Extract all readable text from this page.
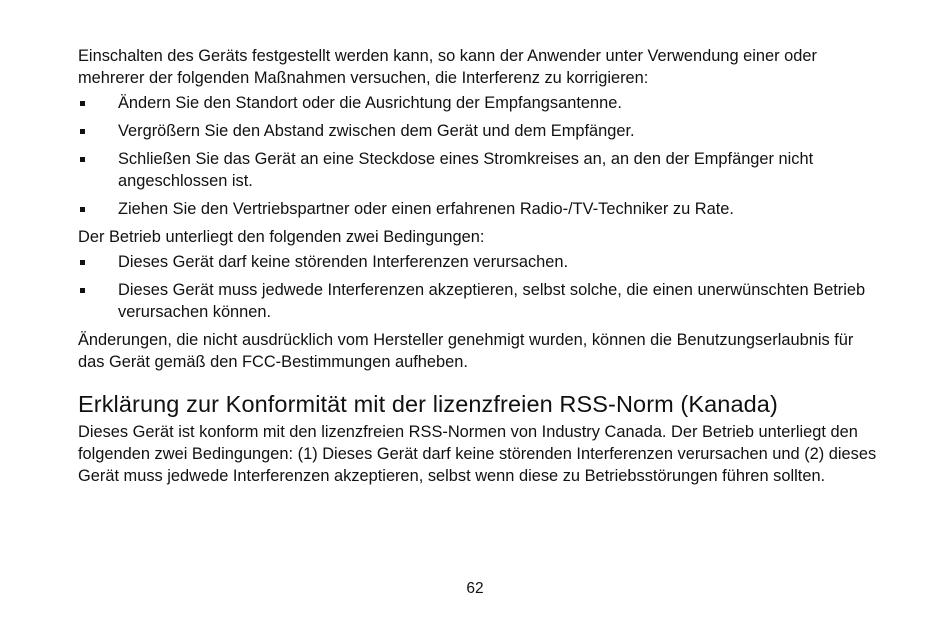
Einschalten des Geräts festgestellt werden kann, so kann der Anwender unter Verwendung einer oder mehrerer der folgenden Maßnahmen versuchen, die Interferenz zu korrigieren:

Ändern Sie den Standort oder die Ausrichtung der Empfangsantenne.
Vergrößern Sie den Abstand zwischen dem Gerät und dem Empfänger.
Schließen Sie das Gerät an eine Steckdose eines Stromkreises an, an den der Empfänger nicht angeschlossen ist.
Ziehen Sie den Vertriebspartner oder einen erfahrenen Radio-/TV-Techniker zu Rate.

Der Betrieb unterliegt den folgenden zwei Bedingungen:

Dieses Gerät darf keine störenden Interferenzen verursachen.
Dieses Gerät muss jedwede Interferenzen akzeptieren, selbst solche, die einen unerwünschten Betrieb verursachen können.

Änderungen, die nicht ausdrücklich vom Hersteller genehmigt wurden, können die Benutzungserlaubnis für das Gerät gemäß den FCC-Bestimmungen aufheben.

Erklärung zur Konformität mit der lizenzfreien RSS-Norm (Kanada)

Dieses Gerät ist konform mit den lizenzfreien RSS-Normen von Industry Canada. Der Betrieb unterliegt den folgenden zwei Bedingungen: (1) Dieses Gerät darf keine störenden Interferenzen verursachen und (2) dieses Gerät muss jedwede Interferenzen akzeptieren, selbst wenn diese zu Betriebsstörungen führen sollten.

62
